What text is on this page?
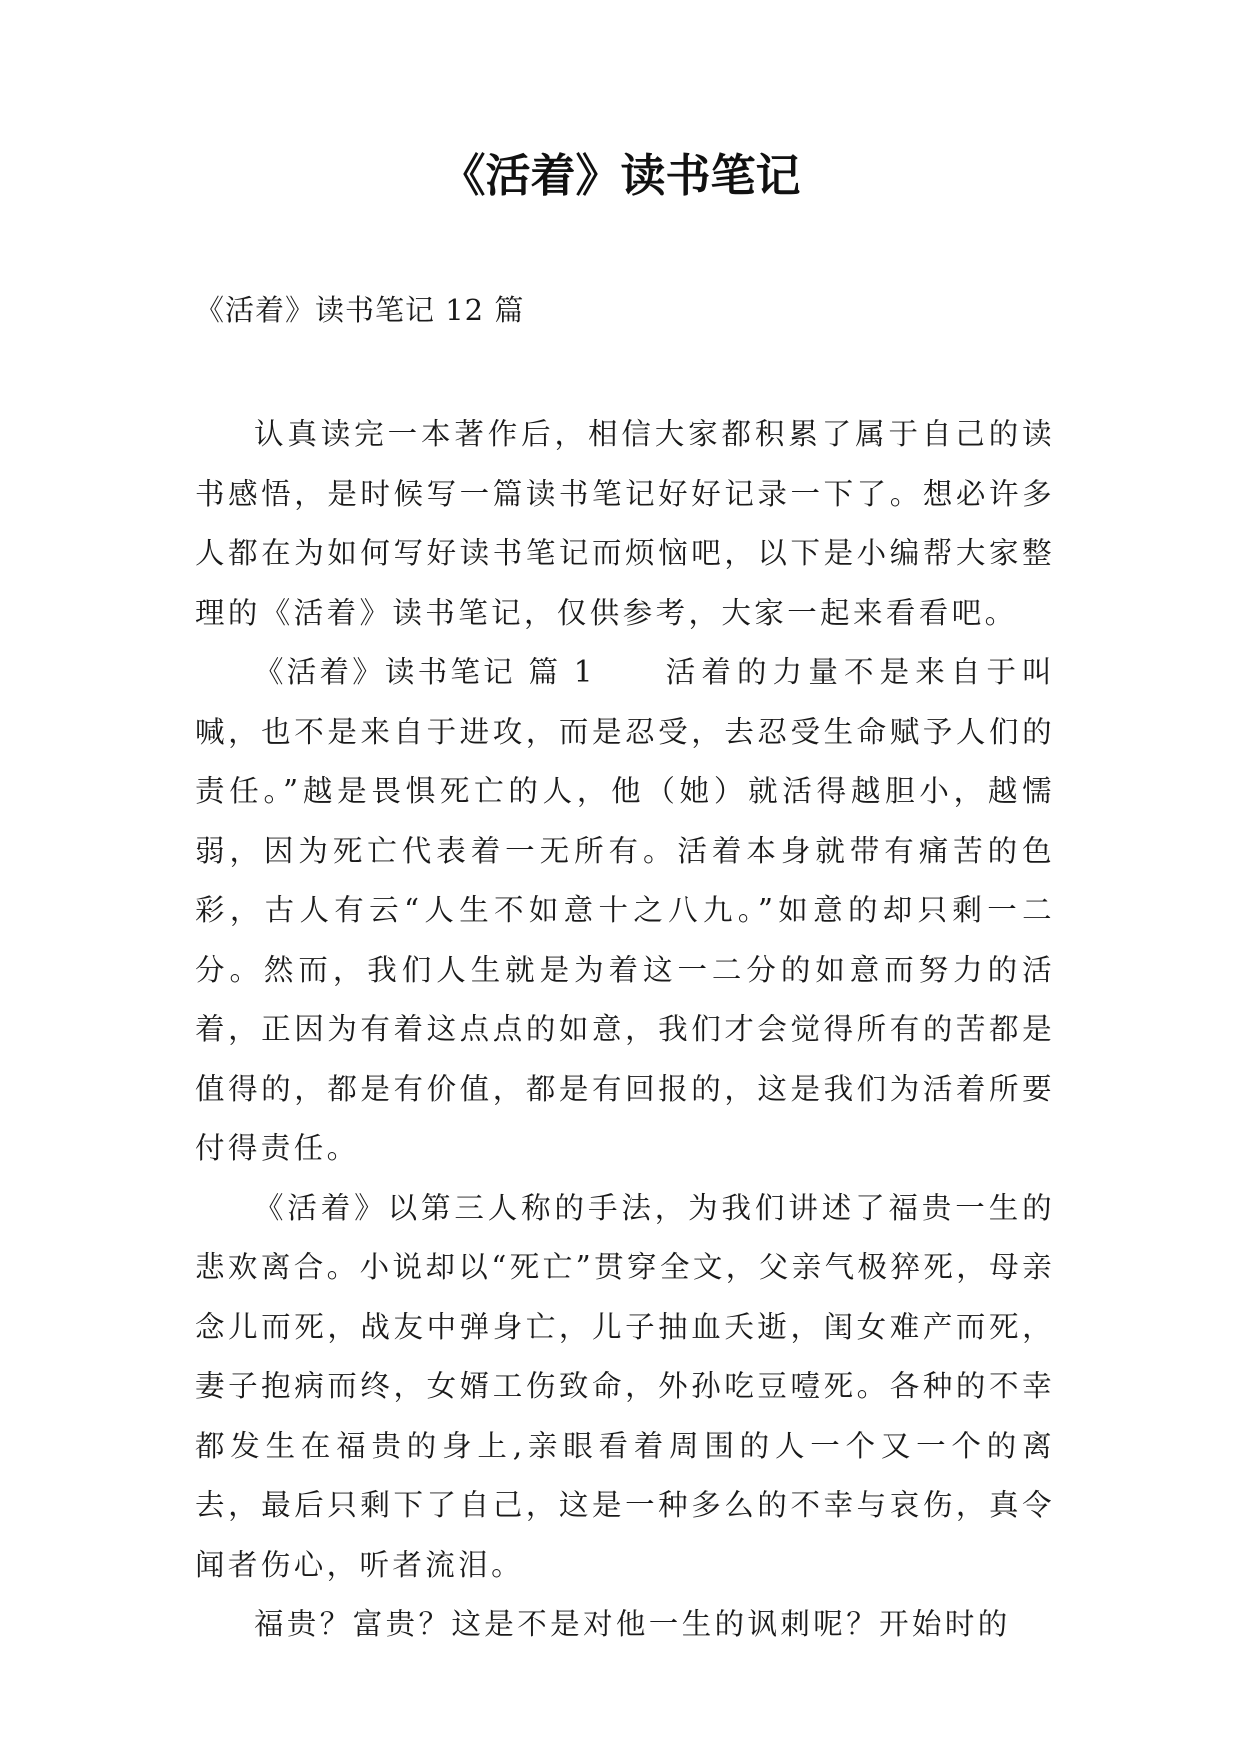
《活着》读书笔记

《活着》读书笔记 12 篇

认真读完一本著作后，相信大家都积累了属于自己的读书感悟，是时候写一篇读书笔记好好记录一下了。想必许多人都在为如何写好读书笔记而烦恼吧，以下是小编帮大家整理的《活着》读书笔记，仅供参考，大家一起来看看吧。

《活着》读书笔记 篇 1 活着的力量不是来自于叫喊，也不是来自于进攻，而是忍受，去忍受生命赋予人们的责任。”越是畏惧死亡的人，他（她）就活得越胆小，越懦弱，因为死亡代表着一无所有。活着本身就带有痛苦的色彩，古人有云“人生不如意十之八九。”如意的却只剩一二分。然而，我们人生就是为着这一二分的如意而努力的活着，正因为有着这点点的如意，我们才会觉得所有的苦都是值得的，都是有价值，都是有回报的，这是我们为活着所要付得责任。

《活着》以第三人称的手法，为我们讲述了福贵一生的悲欢离合。小说却以“死亡”贯穿全文，父亲气极猝死，母亲念儿而死，战友中弹身亡，儿子抽血夭逝，闺女难产而死，妻子抱病而终，女婿工伤致命，外孙吃豆噎死。各种的不幸都发生在福贵的身上,亲眼看着周围的人一个又一个的离去，最后只剩下了自己，这是一种多么的不幸与哀伤，真令闻者伤心，听者流泪。

福贵？富贵？这是不是对他一生的讽刺呢？开始时的
